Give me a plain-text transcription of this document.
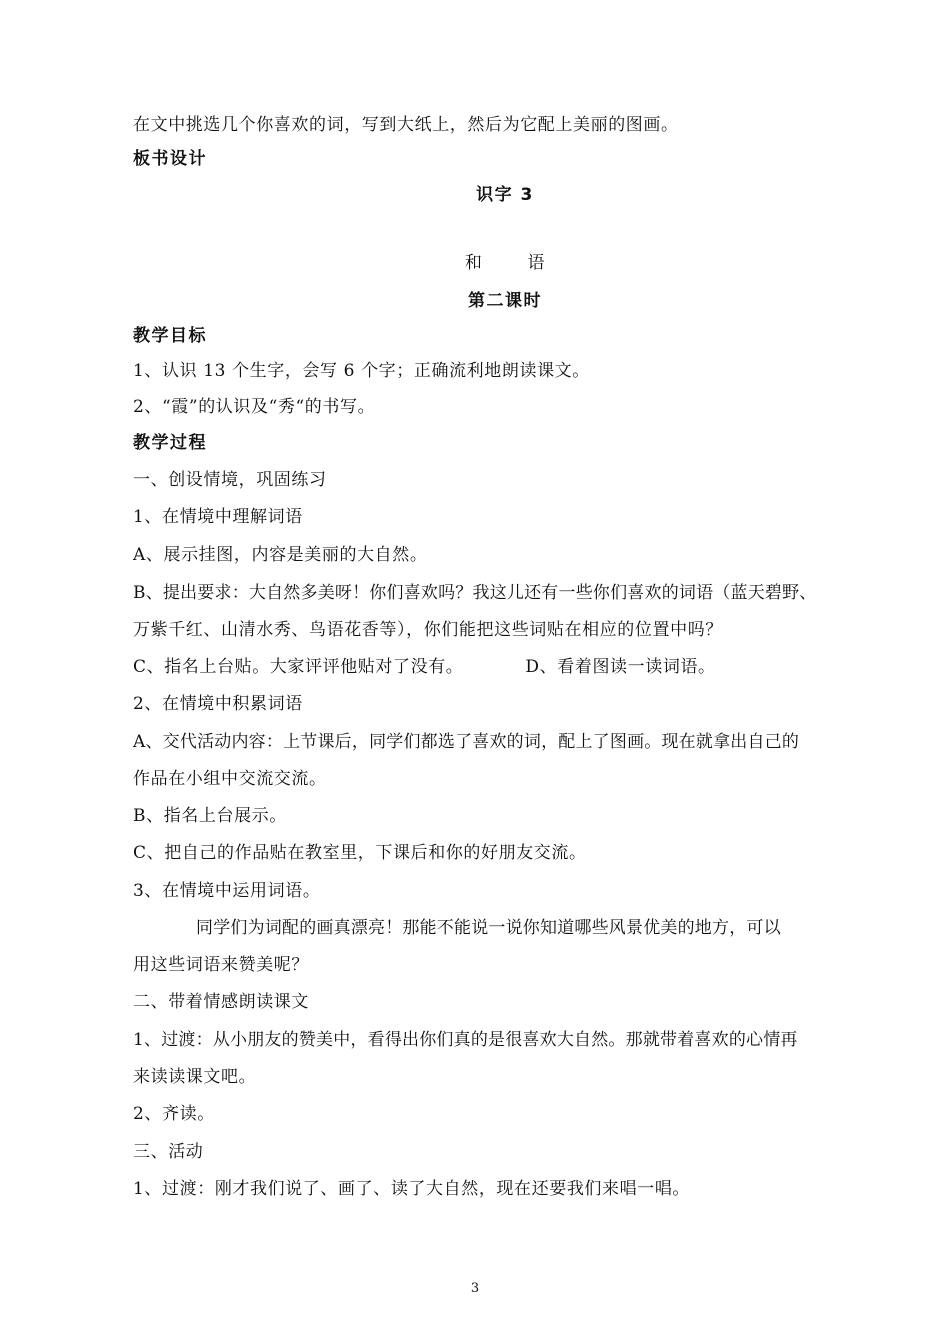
在文中挑选几个你喜欢的词，写到大纸上，然后为它配上美丽的图画。
板书设计
识字 3
和	语
第二课时
教学目标
1、认识 13 个生字，会写 6 个字；正确流利地朗读课文。
2、“霞”的认识及“秀“的书写。
教学过程
一、创设情境，巩固练习
1、在情境中理解词语
A、展示挂图，内容是美丽的大自然。
B、提出要求：大自然多美呀！你们喜欢吗？我这儿还有一些你们喜欢的词语（蓝天碧野、
万紫千红、山清水秀、鸟语花香等），你们能把这些词贴在相应的位置中吗？
C、指名上台贴。大家评评他贴对了没有。	D、看着图读一读词语。
2、在情境中积累词语
A、交代活动内容：上节课后，同学们都选了喜欢的词，配上了图画。现在就拿出自己的
作品在小组中交流交流。
B、指名上台展示。
C、把自己的作品贴在教室里，下课后和你的好朋友交流。
3、在情境中运用词语。
同学们为词配的画真漂亮！那能不能说一说你知道哪些风景优美的地方，可以
用这些词语来赞美呢？
二、带着情感朗读课文
1、过渡：从小朋友的赞美中，看得出你们真的是很喜欢大自然。那就带着喜欢的心情再
来读读课文吧。
2、齐读。
三、活动
1、过渡：刚才我们说了、画了、读了大自然，现在还要我们来唱一唱。
3
